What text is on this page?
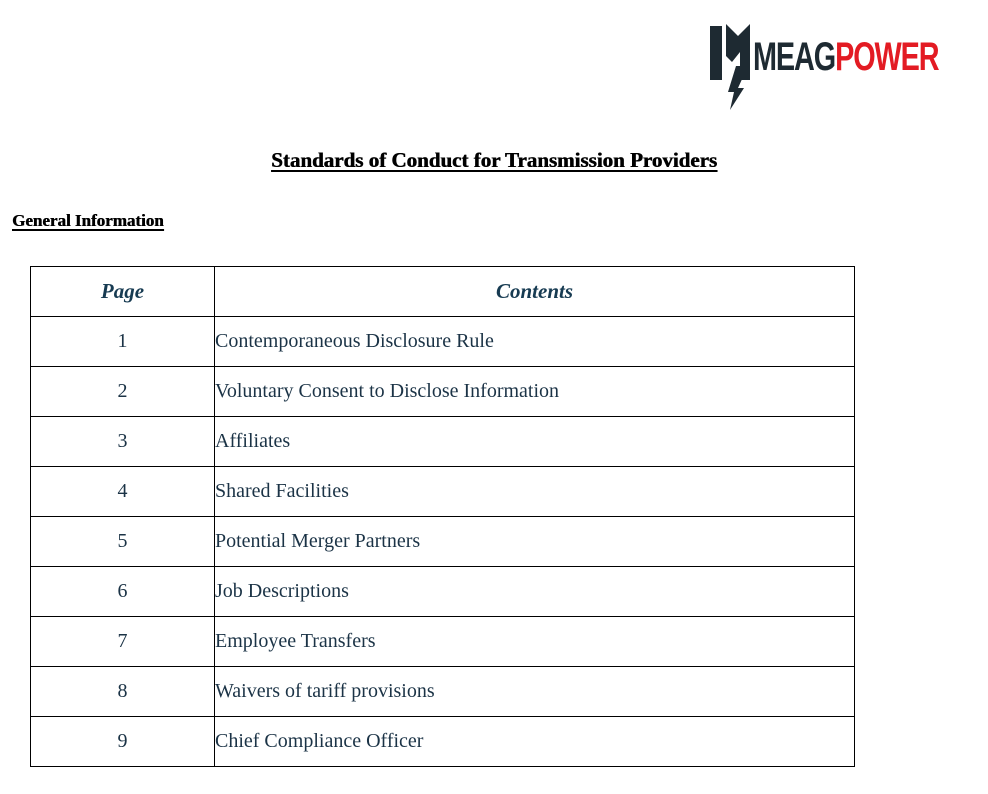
MEAGPOWER
Standards of Conduct for Transmission Providers
General Information
Page	Contents
1	Contemporaneous Disclosure Rule
2	Voluntary Consent to Disclose Information
3	Affiliates
4	Shared Facilities
5	Potential Merger Partners
6	Job Descriptions
7	Employee Transfers
8	Waivers of tariff provisions
9	Chief Compliance Officer
